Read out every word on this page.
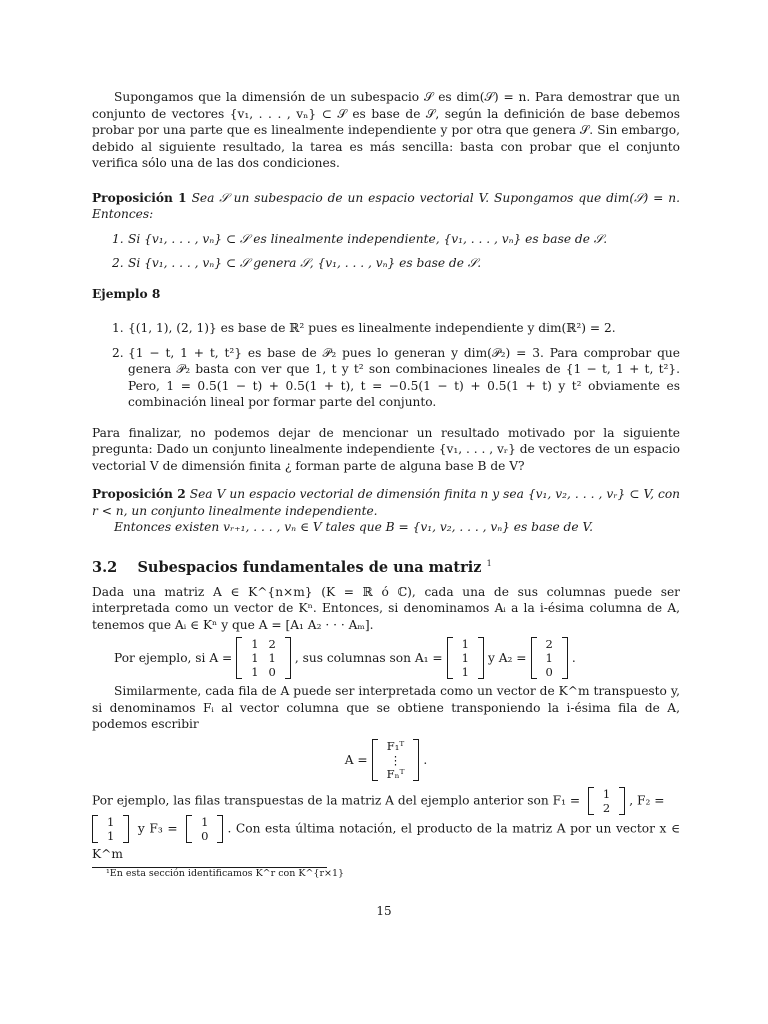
Supongamos que la dimensión de un subespacio 𝒮 es dim(𝒮) = n. Para demostrar que un conjunto de vectores {v₁, . . . , vₙ} ⊂ 𝒮 es base de 𝒮, según la definición de base debemos probar por una parte que es linealmente independiente y por otra que genera 𝒮. Sin embargo, debido al siguiente resultado, la tarea es más sencilla: basta con probar que el conjunto verifica sólo una de las dos condiciones.

Proposición 1 Sea 𝒮 un subespacio de un espacio vectorial V. Supongamos que dim(𝒮) = n. Entonces:

1. Si {v₁, . . . , vₙ} ⊂ 𝒮 es linealmente independiente, {v₁, . . . , vₙ} es base de 𝒮.
2. Si {v₁, . . . , vₙ} ⊂ 𝒮 genera 𝒮, {v₁, . . . , vₙ} es base de 𝒮.

Ejemplo 8

1. {(1, 1), (2, 1)} es base de ℝ² pues es linealmente independiente y dim(ℝ²) = 2.
2. {1 − t, 1 + t, t²} es base de 𝒫₂ pues lo generan y dim(𝒫₂) = 3. Para comprobar que genera 𝒫₂ basta con ver que 1, t y t² son combinaciones lineales de {1 − t, 1 + t, t²}. Pero, 1 = 0.5(1 − t) + 0.5(1 + t), t = −0.5(1 − t) + 0.5(1 + t) y t² obviamente es combinación lineal por formar parte del conjunto.

Para finalizar, no podemos dejar de mencionar un resultado motivado por la siguiente pregunta: Dado un conjunto linealmente independiente {v₁, . . . , vᵣ} de vectores de un espacio vectorial V de dimensión finita ¿ forman parte de alguna base B de V?

Proposición 2 Sea V un espacio vectorial de dimensión finita n y sea {v₁, v₂, . . . , vᵣ} ⊂ V, con r < n, un conjunto linealmente independiente.

Entonces existen vᵣ₊₁, . . . , vₙ ∈ V tales que B = {v₁, v₂, . . . , vₙ} es base de V.

3.2 Subespacios fundamentales de una matriz $^1$

Dada una matriz A ∈ K^{n×m} (K = ℝ ó ℂ), cada una de sus columnas puede ser interpretada como un vector de Kⁿ. Entonces, si denominamos Aᵢ a la i-ésima columna de A, tenemos que Aᵢ ∈ Kⁿ y que A = [A₁ A₂ · · · Aₘ].

Por ejemplo, si A =
1	2
1	1
1	0
, sus columnas son A₁ =
1
1
1
y A₂ =
2
1
0
.

Similarmente, cada fila de A puede ser interpretada como un vector de K^m transpuesto y, si denominamos Fᵢ al vector columna que se obtiene transponiendo la i-ésima fila de A, podemos escribir

A =
F₁ᵀ
⋮
Fₙᵀ
.
Por ejemplo, las filas transpuestas de la matriz A del ejemplo anterior son F₁ = 1
2
, F₂ =

1
1
y F₃ = 1
0
. Con esta última notación, el producto de la matriz A por un vector x ∈ K^m
¹En esta sección identificamos K^r con K^{r×1}
15
